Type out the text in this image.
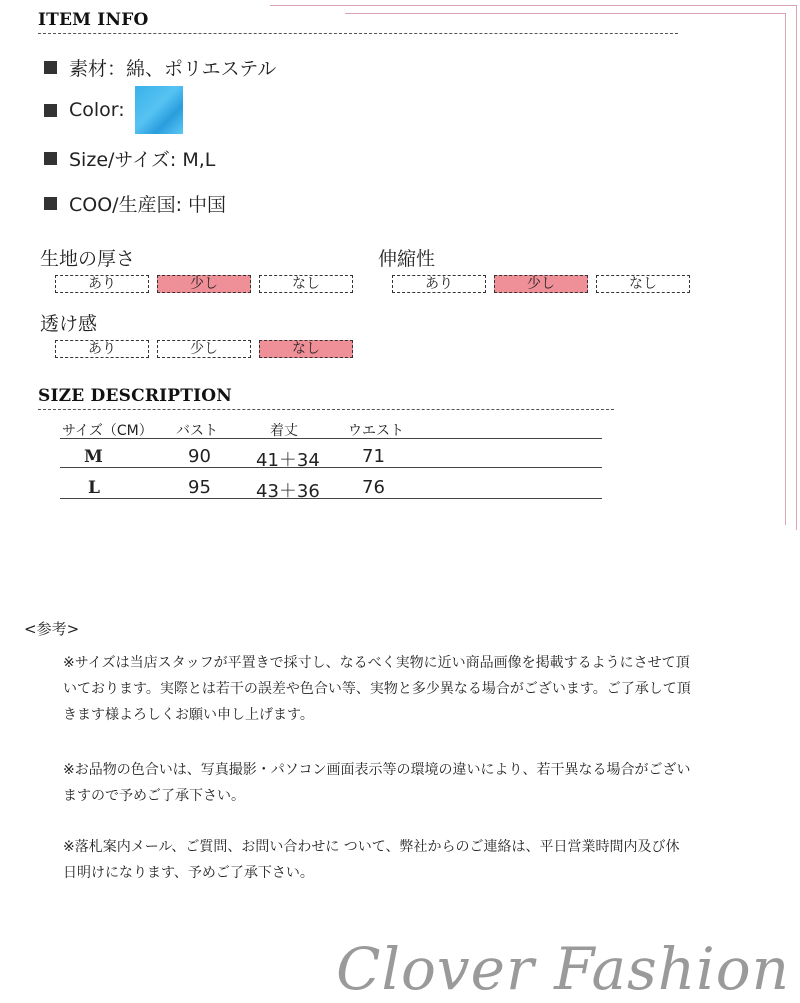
ITEM INFO
素材：綿、ポリエステル
Color:
Size/サイズ: M,L
COO/生産国: 中国
生地の厚さ
あり	少し	なし
伸縮性
あり	少し	なし
透け感
あり	少し	なし
SIZE DESCRIPTION
サイズ（CM） バスト	着丈	ウエスト
M	90	41＋34 71
L	95	43＋36 76
<参考>
※サイズは当店スタッフが平置きで採寸し、なるべく実物に近い商品画像を掲載するようにさせて頂いております。実際とは若干の誤差や色合い等、実物と多少異なる場合がございます。ご了承して頂きます様よろしくお願い申し上げます。
※お品物の色合いは、写真撮影・パソコン画面表示等の環境の違いにより、若干異なる場合がございますので予めご了承下さい。
※落札案内メール、ご質問、お問い合わせに ついて、弊社からのご連絡は、平日営業時間内及び休日明けになります、予めご了承下さい。
Clover Fashion
